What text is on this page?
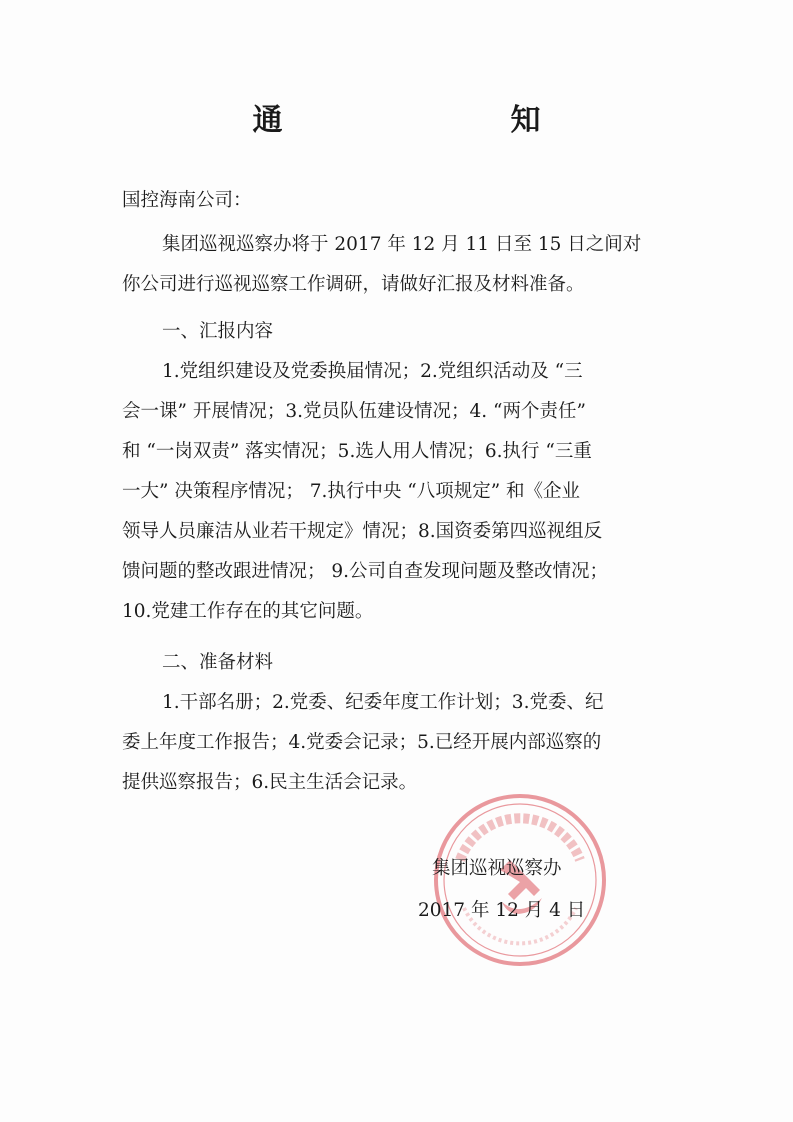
通　　知
国控海南公司：
集团巡视巡察办将于 2017 年 12 月 11 日至 15 日之间对
你公司进行巡视巡察工作调研，请做好汇报及材料准备。
一、汇报内容
1.党组织建设及党委换届情况；2.党组织活动及 “三
会一课” 开展情况；3.党员队伍建设情况；4. “两个责任”
和 “一岗双责” 落实情况；5.选人用人情况；6.执行 “三重
一大” 决策程序情况； 7.执行中央 “八项规定” 和《企业
领导人员廉洁从业若干规定》情况；8.国资委第四巡视组反
馈问题的整改跟进情况； 9.公司自查发现问题及整改情况；
10.党建工作存在的其它问题。
二、准备材料
1.干部名册；2.党委、纪委年度工作计划；3.党委、纪
委上年度工作报告；4.党委会记录；5.已经开展内部巡察的
提供巡察报告；6.民主生活会记录。
集团巡视巡察办
2017 年 12 月 4 日
